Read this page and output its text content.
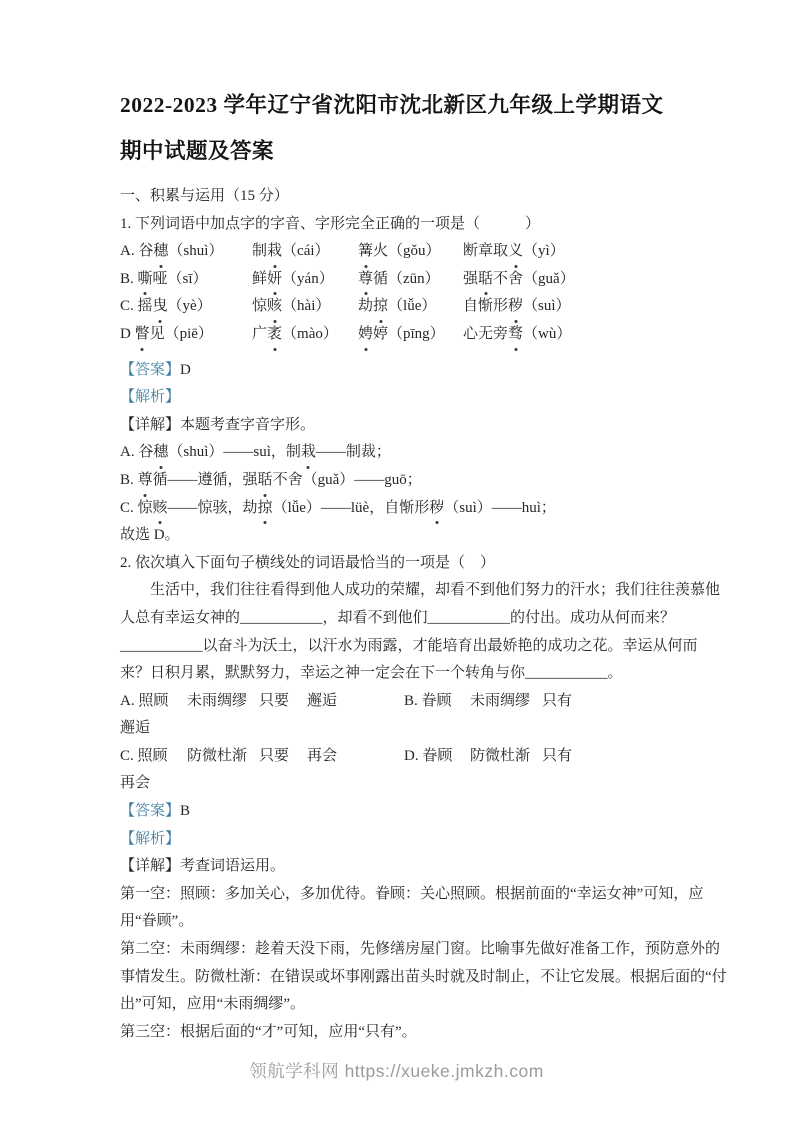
2022-2023 学年辽宁省沈阳市沈北新区九年级上学期语文期中试题及答案
一、积累与运用（15 分）
1. 下列词语中加点字的字音、字形完全正确的一项是（　　　）
A. 谷穗（shuì）	制栽（cái）	篝火（gǒu）	断章取义（yì）
B. 嘶哑（sī）	鲜妍（yán）	尊循（zūn）	强聒不舍（guǎ）
C. 摇曳（yè）	惊赅（hài）	劫掠（lǚe）	自惭形秽（suì）
D 瞥见（piē）	广袤（mào）	娉婷（pīng）	心无旁骛（wù）
【答案】D
【解析】
【详解】本题考查字音字形。
A. 谷穗（shuì）——suì，制栽——制裁；
B. 尊循——遵循，强聒不舍（guǎ）——guō；
C. 惊赅——惊骇，劫掠（lǚe）——lüè，自惭形秽（suì）——huì；
故选 D。
2. 依次填入下面句子横线处的词语最恰当的一项是（　）
生活中，我们往往看得到他人成功的荣耀，却看不到他们努力的汗水；我们往往羡慕他
人总有幸运女神的___________，却看不到他们___________的付出。成功从何而来？
___________以奋斗为沃土，以汗水为雨露，才能培育出最娇艳的成功之花。幸运从何而
来？日积月累，默默努力，幸运之神一定会在下一个转角与你___________。
A. 照顾	未雨绸缪 只要	邂逅	B. 眷顾	未雨绸缪 只有
邂逅
C. 照顾	防微杜渐 只要	再会	D. 眷顾	防微杜渐 只有
再会
【答案】B
【解析】
【详解】考查词语运用。
第一空：照顾：多加关心，多加优待。眷顾：关心照顾。根据前面的“幸运女神”可知，应
用“眷顾”。
第二空：未雨绸缪：趁着天没下雨，先修缮房屋门窗。比喻事先做好准备工作，预防意外的
事情发生。防微杜渐：在错误或坏事刚露出苗头时就及时制止，不让它发展。根据后面的“付
出”可知，应用“未雨绸缪”。
第三空：根据后面的“才”可知，应用“只有”。
领航学科网 https://xueke.jmkzh.com
